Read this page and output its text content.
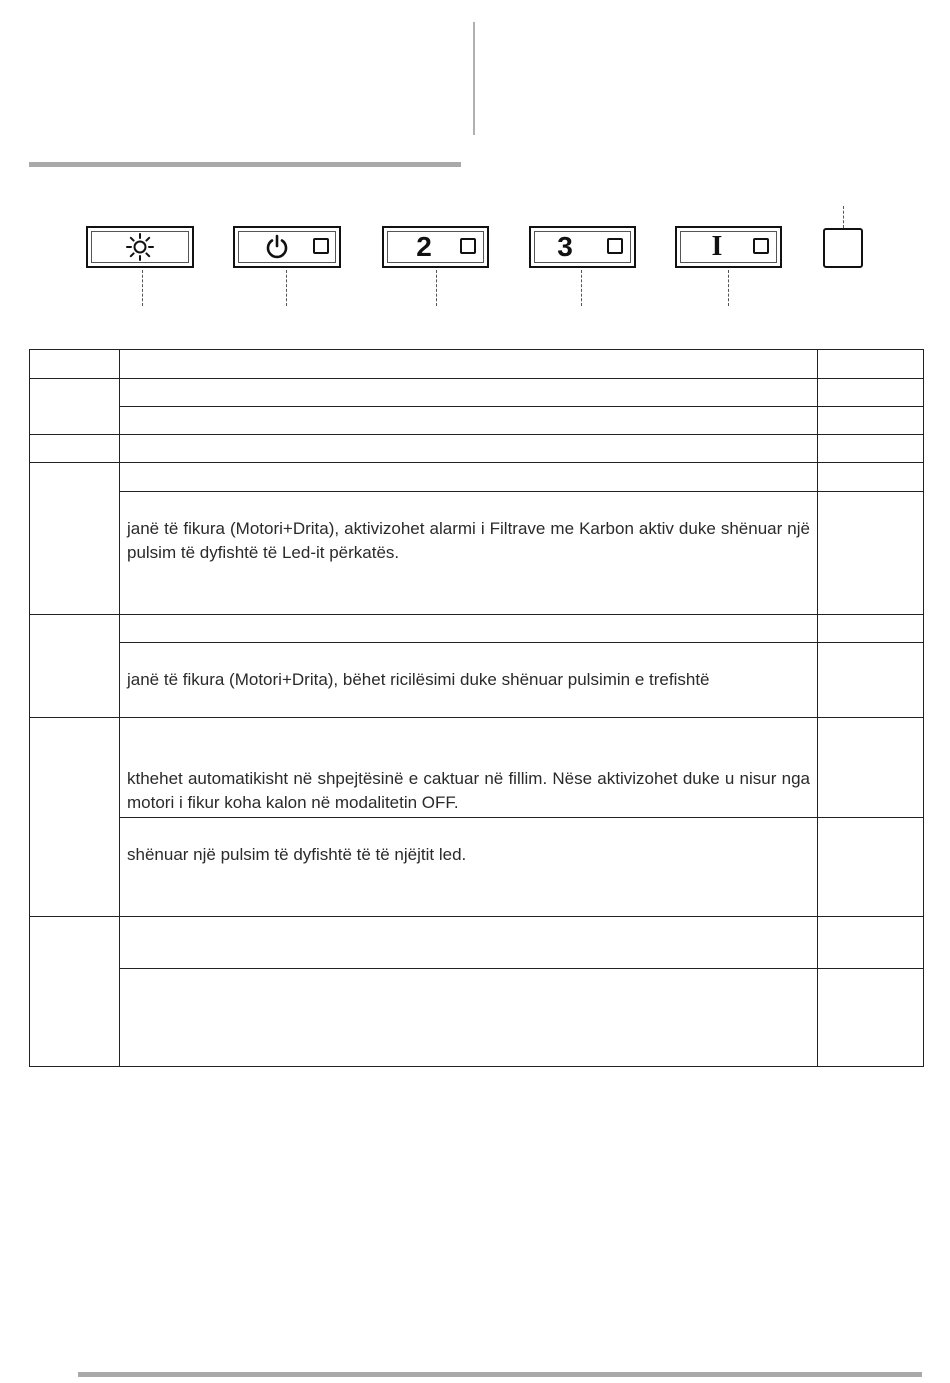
2	3	I

	janë të fikura (Motori+Drita), aktivizohet alarmi i Filtrave me Karbon aktiv duke shënuar një pulsim të dyfishtë të Led-it përkatës.	

	janë të fikura (Motori+Drita), bëhet ricilësimi duke shënuar pulsimin e trefishtë	

	kthehet automatikisht në shpejtësinë e caktuar në fillim. Nëse aktivizohet duke u nisur nga motori i fikur koha kalon në modalitetin OFF.	

	shënuar një pulsim të dyfishtë të të njëjtit led.	
